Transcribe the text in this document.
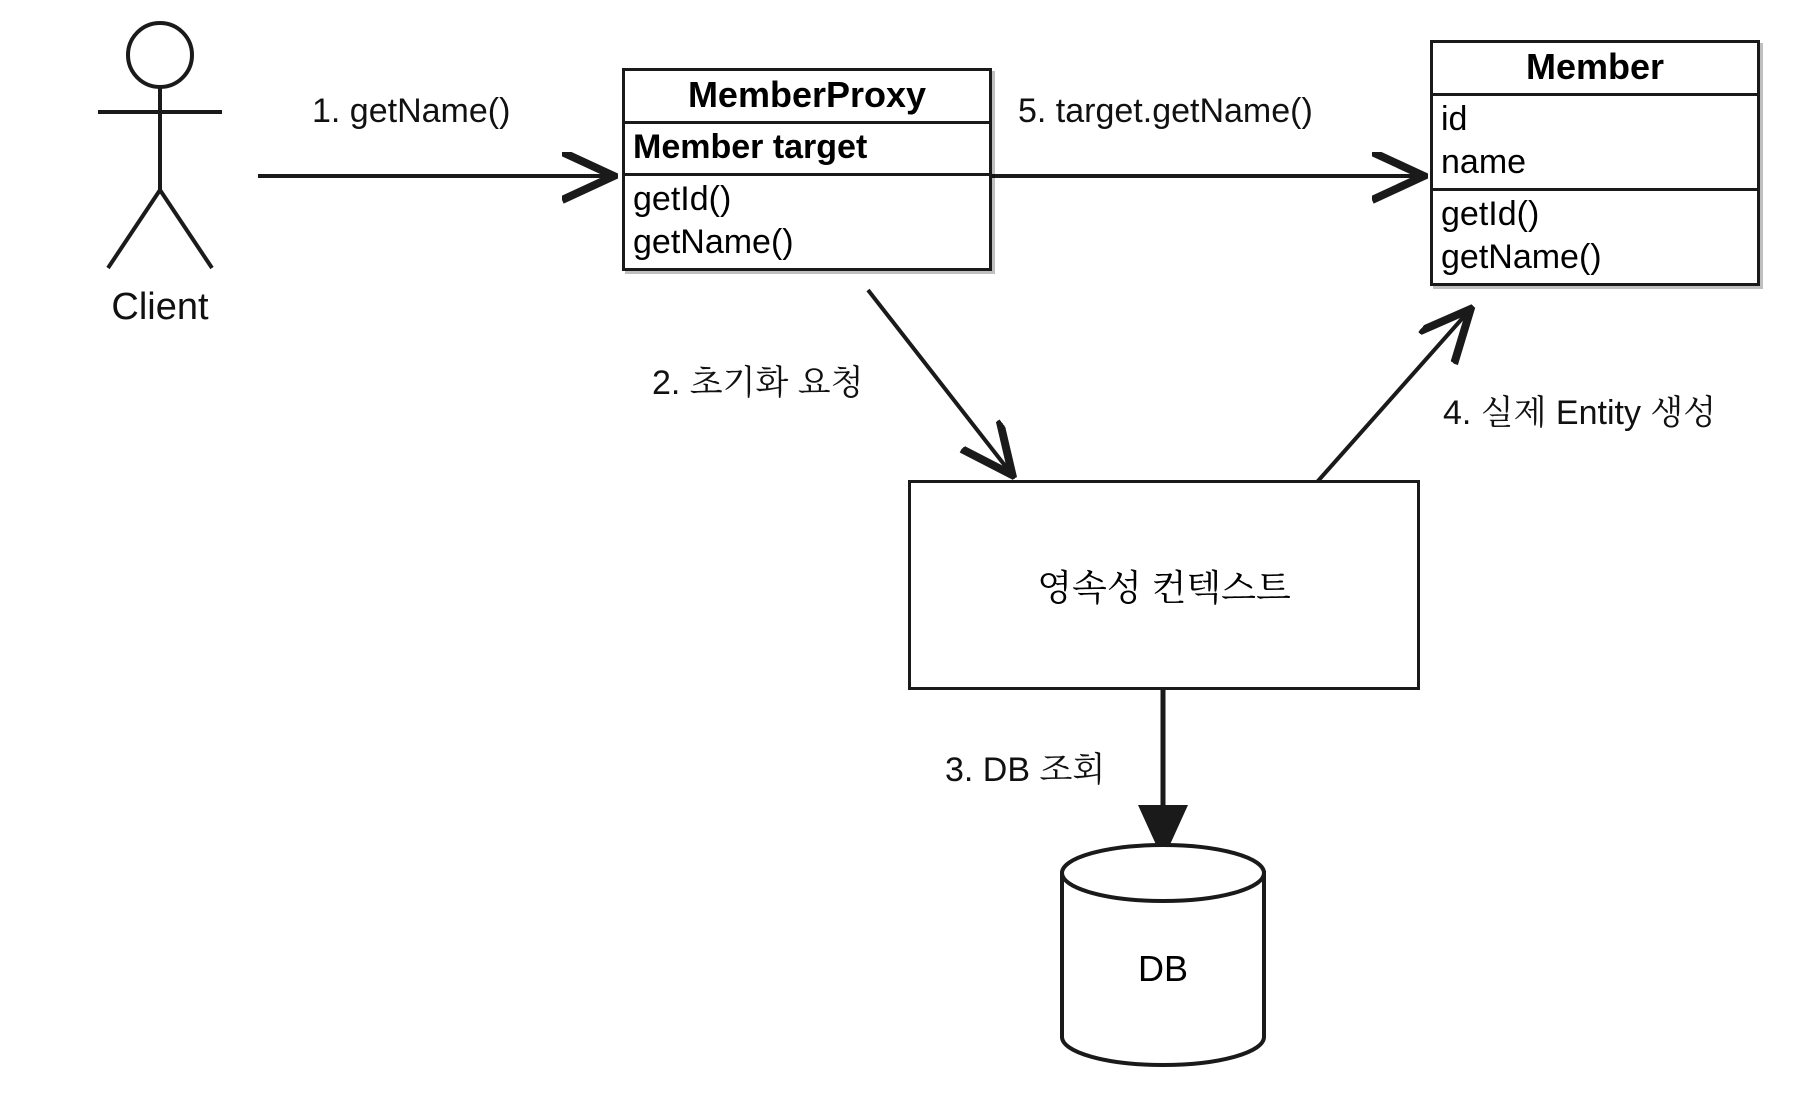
Client
MemberProxy
Member target
getId()
getName()
Member
id
name
getId()
getName()
영속성 컨텍스트
DB
1. getName()
2. 초기화 요청
3. DB 조회
4. 실제 Entity 생성
5. target.getName()
